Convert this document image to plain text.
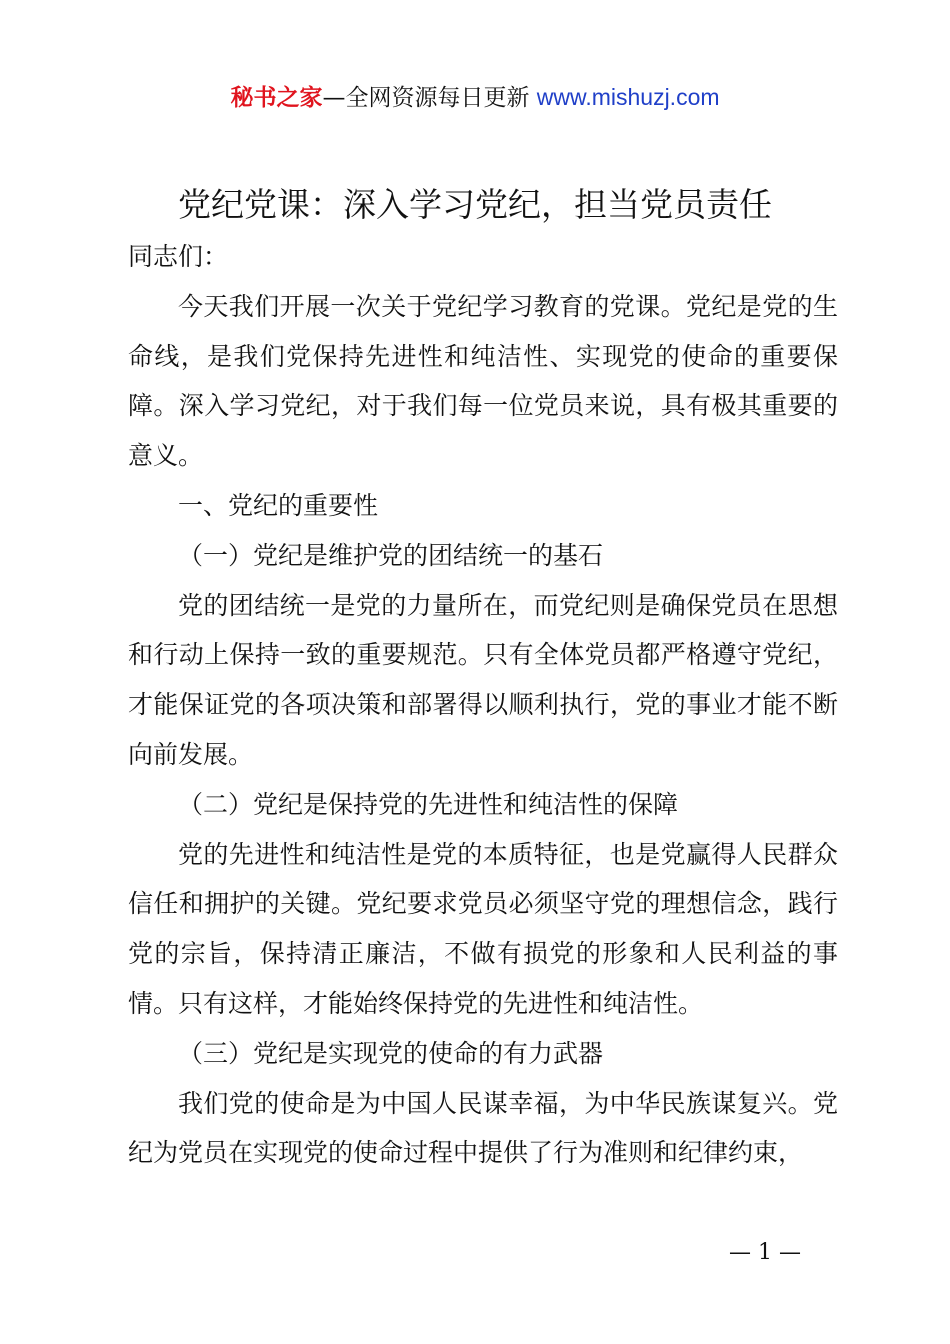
秘书之家—全网资源每日更新 www.mishuzj.com
党纪党课：深入学习党纪，担当党员责任

同志们：

今天我们开展一次关于党纪学习教育的党课。党纪是党的生命线，是我们党保持先进性和纯洁性、实现党的使命的重要保障。深入学习党纪，对于我们每一位党员来说，具有极其重要的意义。

一、党纪的重要性

（一）党纪是维护党的团结统一的基石

党的团结统一是党的力量所在，而党纪则是确保党员在思想和行动上保持一致的重要规范。只有全体党员都严格遵守党纪，才能保证党的各项决策和部署得以顺利执行，党的事业才能不断向前发展。

（二）党纪是保持党的先进性和纯洁性的保障

党的先进性和纯洁性是党的本质特征，也是党赢得人民群众信任和拥护的关键。党纪要求党员必须坚守党的理想信念，践行党的宗旨，保持清正廉洁，不做有损党的形象和人民利益的事情。只有这样，才能始终保持党的先进性和纯洁性。

（三）党纪是实现党的使命的有力武器

我们党的使命是为中国人民谋幸福，为中华民族谋复兴。党纪为党员在实现党的使命过程中提供了行为准则和纪律约束，

— 1 —
